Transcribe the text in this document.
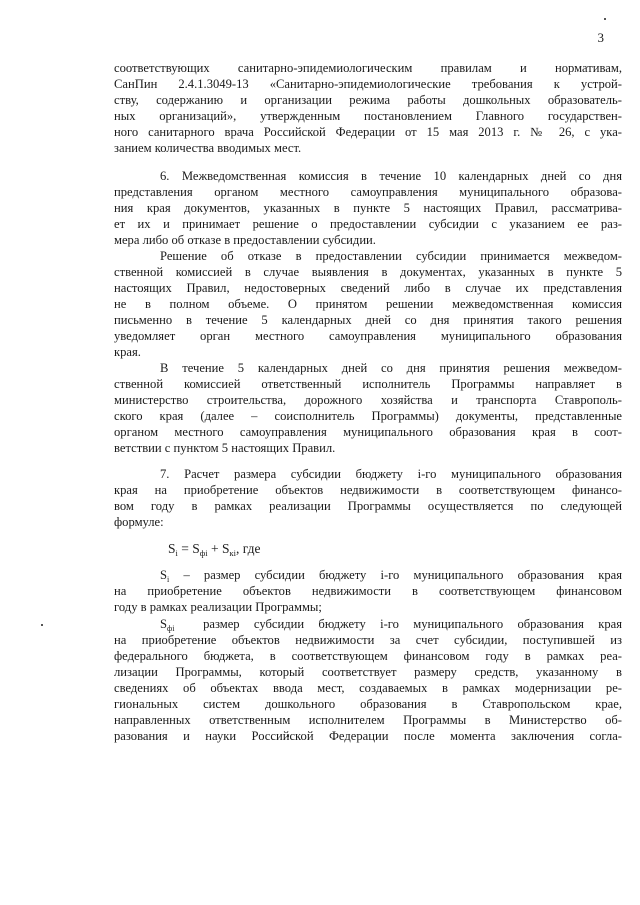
3
соответствующих санитарно-эпидемиологическим правилам и нормативам,
СанПин 2.4.1.3049-13 «Санитарно-эпидемиологические требования к устрой-
ству, содержанию и организации режима работы дошкольных образователь-
ных организаций», утвержденным постановлением Главного государствен-
ного санитарного врача Российской Федерации от 15 мая 2013 г. № 26, с ука-
занием количества вводимых мест.
6. Межведомственная комиссия в течение 10 календарных дней со дня
представления органом местного самоуправления муниципального образова-
ния края документов, указанных в пункте 5 настоящих Правил, рассматрива-
ет их и принимает решение о предоставлении субсидии с указанием ее раз-
мера либо об отказе в предоставлении субсидии.
Решение об отказе в предоставлении субсидии принимается межведом-
ственной комиссией в случае выявления в документах, указанных в пункте 5
настоящих Правил, недостоверных сведений либо в случае их представления
не в полном объеме. О принятом решении межведомственная комиссия
письменно в течение 5 календарных дней со дня принятия такого решения
уведомляет орган местного самоуправления муниципального образования
края.
В течение 5 календарных дней со дня принятия решения межведом-
ственной комиссией ответственный исполнитель Программы направляет в
министерство строительства, дорожного хозяйства и транспорта Ставрополь-
ского края (далее – соисполнитель Программы) документы, представленные
органом местного самоуправления муниципального образования края в соот-
ветствии с пунктом 5 настоящих Правил.
7. Расчет размера субсидии бюджету i-го муниципального образования
края на приобретение объектов недвижимости в соответствующем финансо-
вом году в рамках реализации Программы осуществляется по следующей
формуле:
$S_i = S_{фi} + S_{кi}$, где
$S_i$ – размер субсидии бюджету i-го муниципального образования края
на приобретение объектов недвижимости в соответствующем финансовом
году в рамках реализации Программы;
$S_{фi}$ размер субсидии бюджету i-го муниципального образования края
на приобретение объектов недвижимости за счет субсидии, поступившей из
федерального бюджета, в соответствующем финансовом году в рамках реа-
лизации Программы, который соответствует размеру средств, указанному в
сведениях об объектах ввода мест, создаваемых в рамках модернизации ре-
гиональных систем дошкольного образования в Ставропольском крае,
направленных ответственным исполнителем Программы в Министерство об-
разования и науки Российской Федерации после момента заключения согла-
